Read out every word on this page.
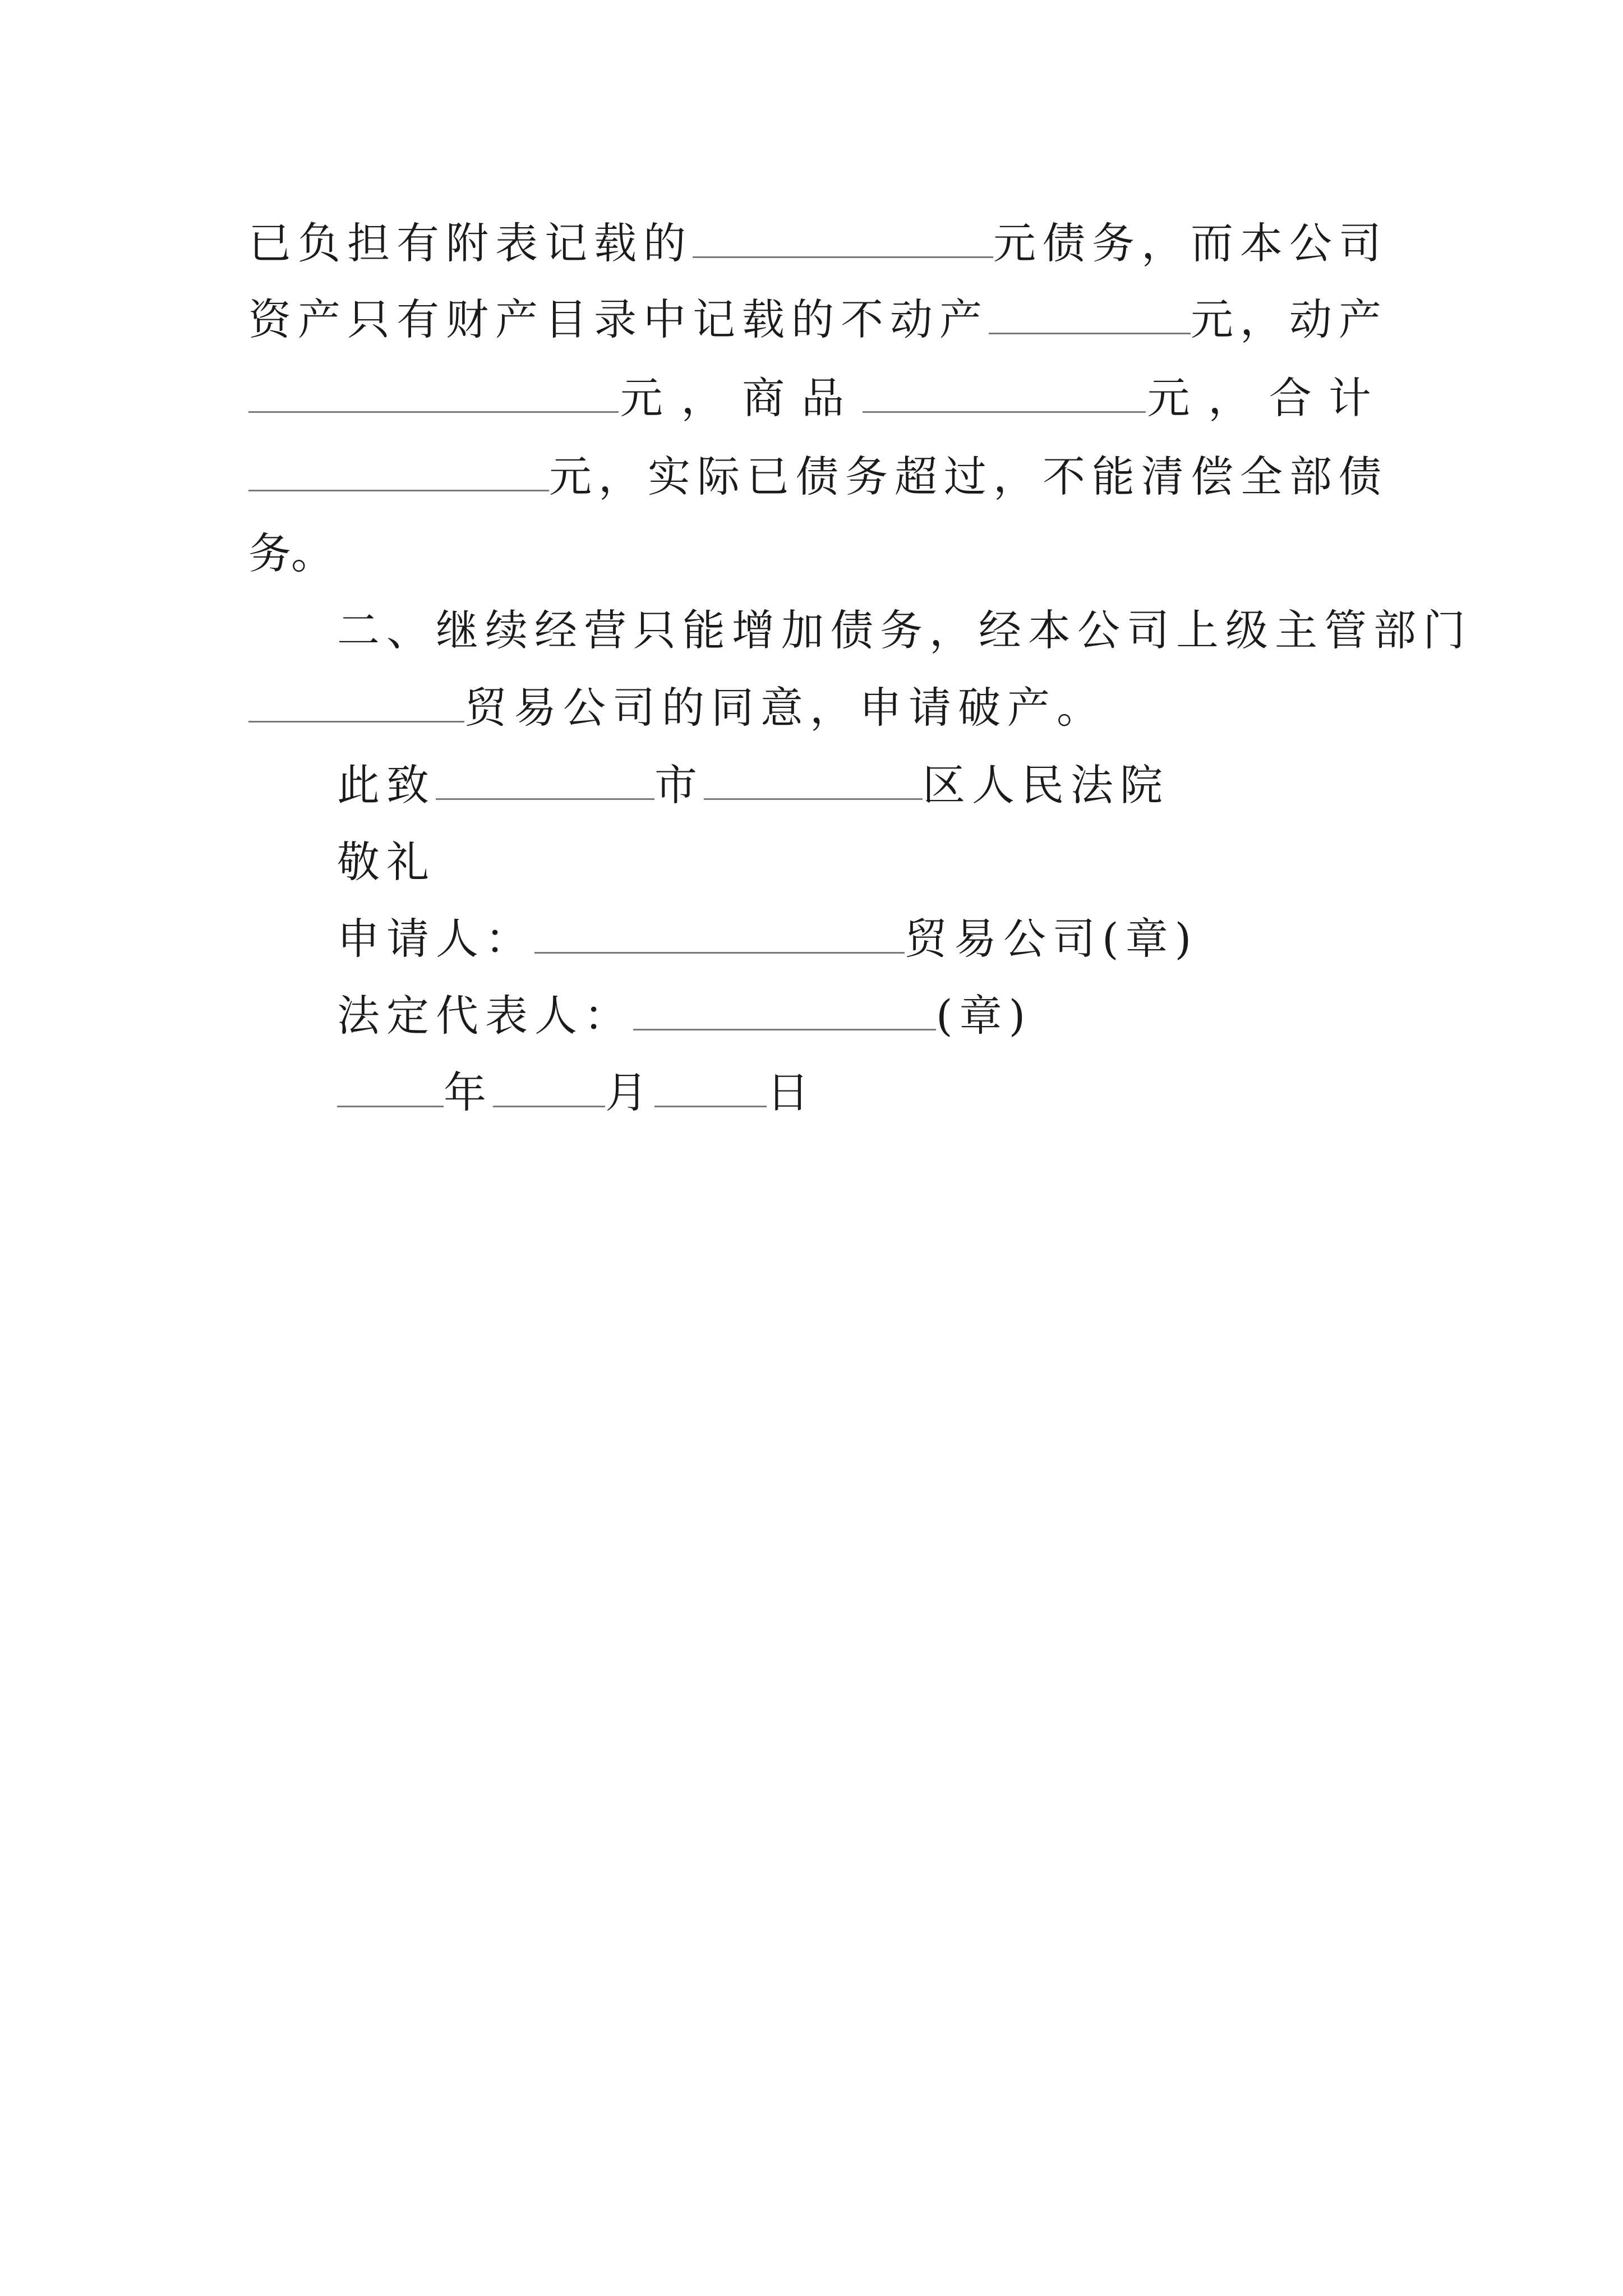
已负担有附表记载的	元债务，而本公司
资产只有财产目录中记载的不动产	元，动产
元 ， 商品	元 ， 合计
元，实际已债务超过，不能清偿全部债
务。
二、继续经营只能增加债务，经本公司上级主管部门
贸易公司的同意，申请破产。
此致	市	区人民法院
敬礼
申请人：	贸易公司(章)
法定代表人：	(章)
年	月	日
